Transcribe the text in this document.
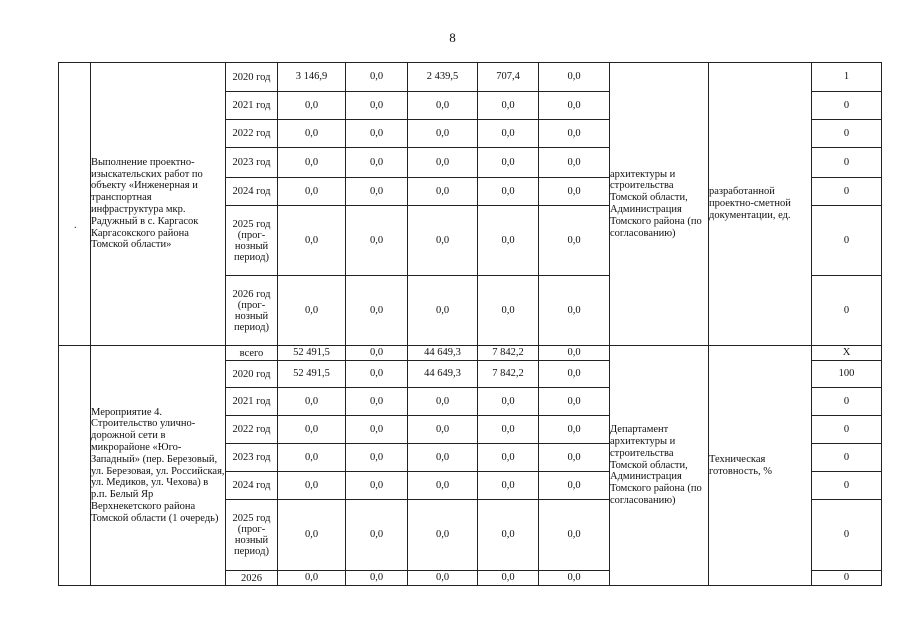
8
.
	Выполнение проектно-изыскательских работ по объекту «Инженерная и транспортная инфраструктура мкр. Радужный в с. Каргасок Каргасокского района Томской области»	2020 год	3 146,9	0,0	2 439,5	707,4	0,0	архитектуры и строительства Томской области, Администрация Томского района (по согласованию)	разработанной проектно-сметной документации, ед.	1
		2021 год	0,0	0,0	0,0	0,0	0,0			0
		2022 год	0,0	0,0	0,0	0,0	0,0			0
		2023 год	0,0	0,0	0,0	0,0	0,0			0
		2024 год	0,0	0,0	0,0	0,0	0,0			0
		2025 год (прог-нозный период)	0,0	0,0	0,0	0,0	0,0			0
		2026 год (прог-нозный период)	0,0	0,0	0,0	0,0	0,0			0
	Мероприятие 4. Строительство улично-дорожной сети в микрорайоне «Юго-Западный» (пер. Березовый, ул. Березовая, ул. Российская, ул. Медиков, ул. Чехова) в р.п. Белый Яр Верхнекетского района Томской области (1 очередь)	всего	52 491,5	0,0	44 649,3	7 842,2	0,0	Департамент архитектуры и строительства Томской области, Администрация Томского района (по согласованию)	Техническая готовность, %	Х
		2020 год	52 491,5	0,0	44 649,3	7 842,2	0,0			100
		2021 год	0,0	0,0	0,0	0,0	0,0			0
		2022 год	0,0	0,0	0,0	0,0	0,0			0
		2023 год	0,0	0,0	0,0	0,0	0,0			0
		2024 год	0,0	0,0	0,0	0,0	0,0			0
		2025 год (прог-нозный период)	0,0	0,0	0,0	0,0	0,0			0
		2026	0,0	0,0	0,0	0,0	0,0			0
